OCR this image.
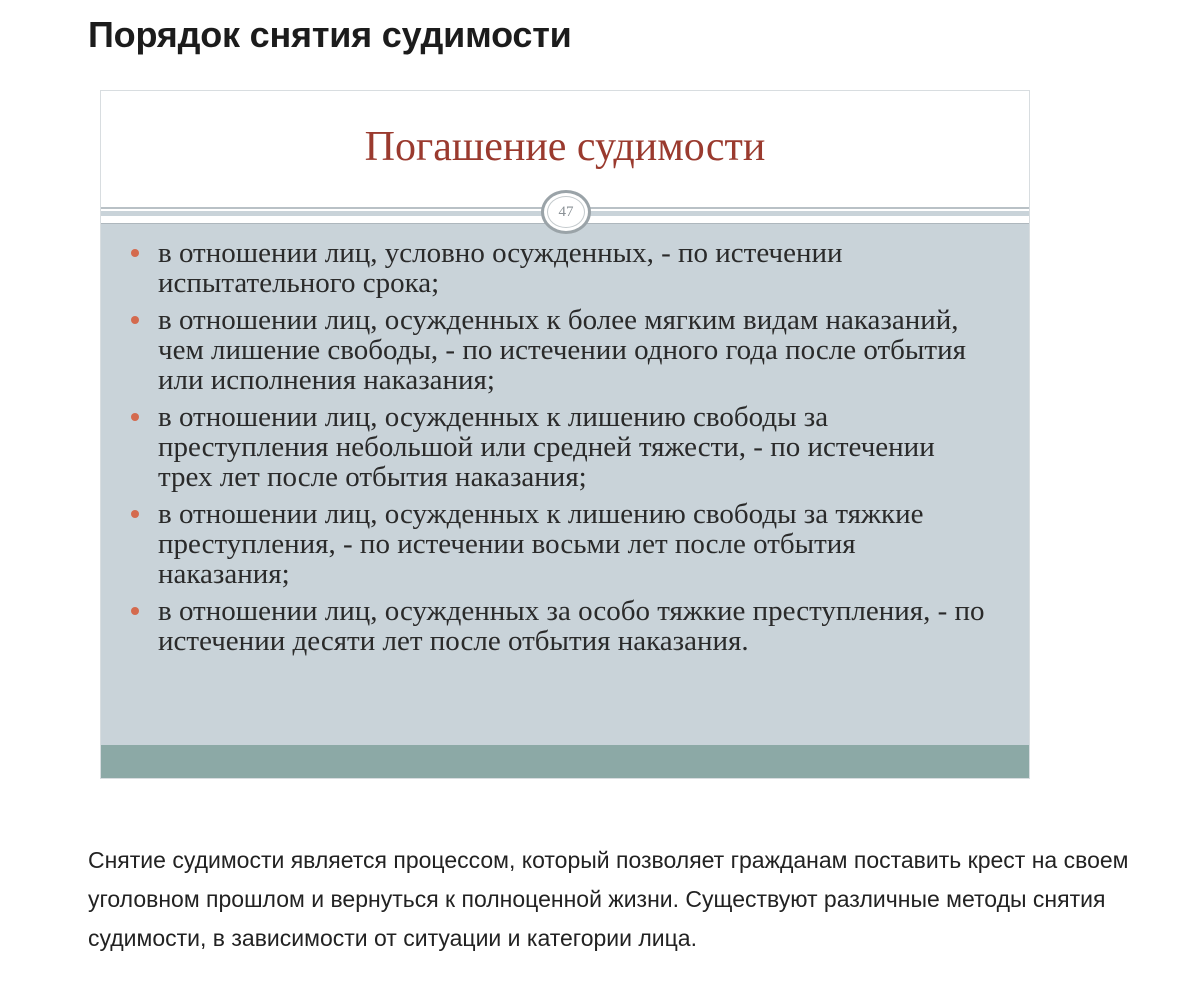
Порядок снятия судимости
Погашение судимости
47
в отношении лиц, условно осужденных, - по истечении испытательного срока;
в отношении лиц, осужденных к более мягким видам наказаний, чем лишение свободы, - по истечении одного года после отбытия или исполнения наказания;
в отношении лиц, осужденных к лишению свободы за преступления небольшой или средней тяжести, - по истечении трех лет после отбытия наказания;
в отношении лиц, осужденных к лишению свободы за тяжкие преступления, - по истечении восьми лет после отбытия наказания;
в отношении лиц, осужденных за особо тяжкие преступления, - по истечении десяти лет после отбытия наказания.

Снятие судимости является процессом, который позволяет гражданам поставить крест на своем уголовном прошлом и вернуться к полноценной жизни. Существуют различные методы снятия судимости, в зависимости от ситуации и категории лица.
